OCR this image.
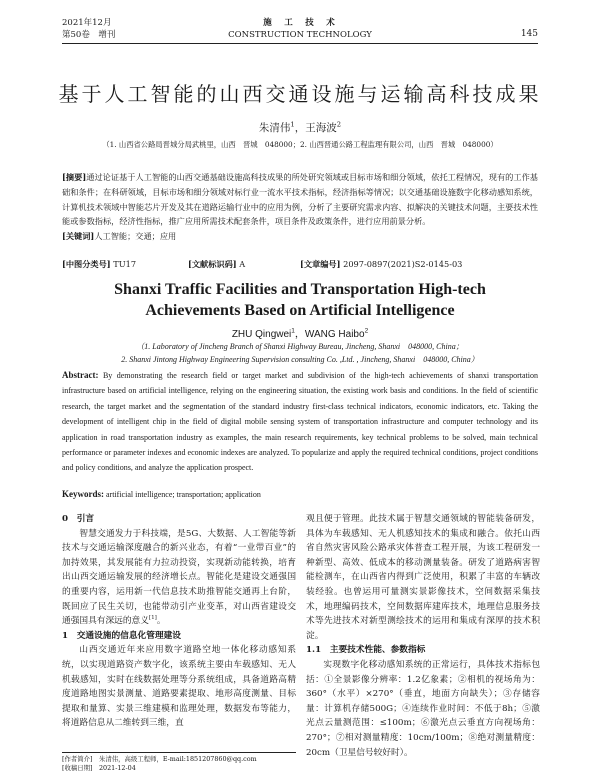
2021年12月
第50卷　增刊
施　工　技　术
CONSTRUCTION TECHNOLOGY	145
基于人工智能的山西交通设施与运输高科技成果
朱清伟$^1$，王海波$^2$
（1. 山西省公路局晋城分局武桃里，山西　晋城　048000；2. 山西晋通公路工程监理有限公司，山西　晋城　048000）
[摘要]通过论证基于人工智能的山西交通基础设施高科技成果的所处研究领域或目标市场和细分领域，依托工程情况，现有的工作基础和条件；在科研领域，目标市场和细分领域对标行业一流水平技术指标，经济指标等情况；以交通基础设施数字化移动感知系统，计算机技术领域中智能芯片开发及其在道路运输行业中的应用为例，分析了主要研究需求内容、拟解决的关键技术问题，主要技术性能或参数指标，经济性指标，推广应用所需技术配套条件，项目条件及政策条件，进行应用前景分析。
[关键词]人工智能；交通；应用
[中图分类号] TU17	[文献标识码] A	[文章编号] 2097-0897(2021)S2-0145-03
Shanxi Traffic Facilities and Transportation High-tech
Achievements Based on Artificial Intelligence
ZHU Qingwei$^1$，WANG Haibo$^2$
（1. Laboratory of Jincheng Branch of Shanxi Highway Bureau, Jincheng, Shanxi　048000, China；
2. Shanxi Jintong Highway Engineering Supervision consulting Co. ,Ltd. , Jincheng, Shanxi　048000, China）
Abstract: By demonstrating the research field or target market and subdivision of the high-tech achievements of shanxi transportation infrastructure based on artificial intelligence, relying on the engineering situation, the existing work basis and conditions. In the field of scientific research, the target market and the segmentation of the standard industry first-class technical indicators, economic indicators, etc. Taking the development of intelligent chip in the field of digital mobile sensing system of transportation infrastructure and computer technology and its application in road transportation industry as examples, the main research requirements, key technical problems to be solved, main technical performance or parameter indexes and economic indexes are analyzed. To popularize and apply the required technical conditions, project conditions and policy conditions, and analyze the application prospect.
Keywords: artificial intelligence; transportation; application
0　引言

智慧交通发力于科技端，是5G、大数据、人工智能等新技术与交通运输深度融合的新兴业态，有着“一业带百业”的加持效果，其发展能有力拉动投资，实现新动能转换，培育出山西交通运输发展的经济增长点。智能化是建设交通强国的重要内容，运用新一代信息技术助推智能交通再上台阶，既回应了民生关切，也能带动引产业变革，对山西省建设交通强国具有深远的意义[1]。

1　交通设施的信息化管理建设

山西交通近年来应用数字道路空地一体化移动感知系统，以实现道路资产数字化，该系统主要由车载感知、无人机载感知，实时在线数据处理等分系统组成，具备道路高精度道路地图实景测量、道路要素提取、地形高度测量、目标提取和量算、实景三维建模和监理处理，数据发布等能力，将道路信息从二维转到三维，直

观且便于管理。此技术属于智慧交通领域的智能装备研发，具体为车载感知、无人机感知技术的集成和融合。依托山西省自然灾害风险公路承灾体普查工程开展，为该工程研发一种新型、高效、低成本的移动测量装备。研发了道路病害智能检测车，在山西省内得到广泛使用，积累了丰富的车辆改装经验。也曾运用可量测实景影像技术，空间数据采集技术，地理编码技术，空间数据库建库技术，地理信息服务技术等先进技术对新型测绘技术的运用和集成有深厚的技术积淀。

1.1　主要技术性能、参数指标

实现数字化移动感知系统的正常运行，具体技术指标包括：①全景影像分辨率：1.2亿象素；②相机的视场角为：360°（水平）×270°（垂直，地面方向缺失）；③存储容量：计算机存储500G；④连续作业时间：不低于8h；⑤激光点云量测范围：≤100m；⑥激光点云垂直方向视场角：270°；⑦相对测量精度：10cm/100m；⑧绝对测量精度：20cm（卫星信号较好时）。

[作者简介]　朱清伟，高级工程师，E-mail:1851207860@qq.com
[收稿日期]　2021-12-04
